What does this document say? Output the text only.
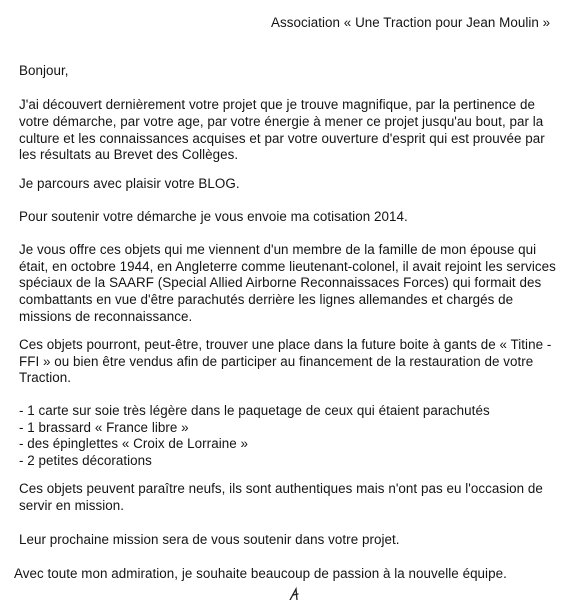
Association « Une Traction pour Jean Moulin »
Bonjour,
J'ai découvert dernièrement votre projet que je trouve magnifique, par la pertinence de
votre démarche, par votre age, par votre énergie à mener ce projet jusqu'au bout, par la
culture et les connaissances acquises et par votre ouverture d'esprit qui est prouvée par
les résultats au Brevet des Collèges.
Je parcours avec plaisir votre BLOG.
Pour soutenir votre démarche je vous envoie ma cotisation 2014.
Je vous offre ces objets qui me viennent d'un membre de la famille de mon épouse qui
était, en octobre 1944, en Angleterre comme lieutenant-colonel, il avait rejoint les services
spéciaux de la SAARF (Special Allied Airborne Reconnaissaces Forces) qui formait des
combattants en vue d'être parachutés derrière les lignes allemandes et chargés de
missions de reconnaissance.
Ces objets pourront, peut-être, trouver une place dans la future boite à gants de « Titine -
FFI » ou bien être vendus afin de participer au financement de la restauration de votre
Traction.
- 1 carte sur soie très légère dans le paquetage de ceux qui étaient parachutés
- 1 brassard « France libre »
- des épinglettes « Croix de Lorraine »
- 2 petites décorations
Ces objets peuvent paraître neufs, ils sont authentiques mais n'ont pas eu l'occasion de
servir en mission.
Leur prochaine mission sera de vous soutenir dans votre projet.
Avec toute mon admiration, je souhaite beaucoup de passion à la nouvelle équipe.
